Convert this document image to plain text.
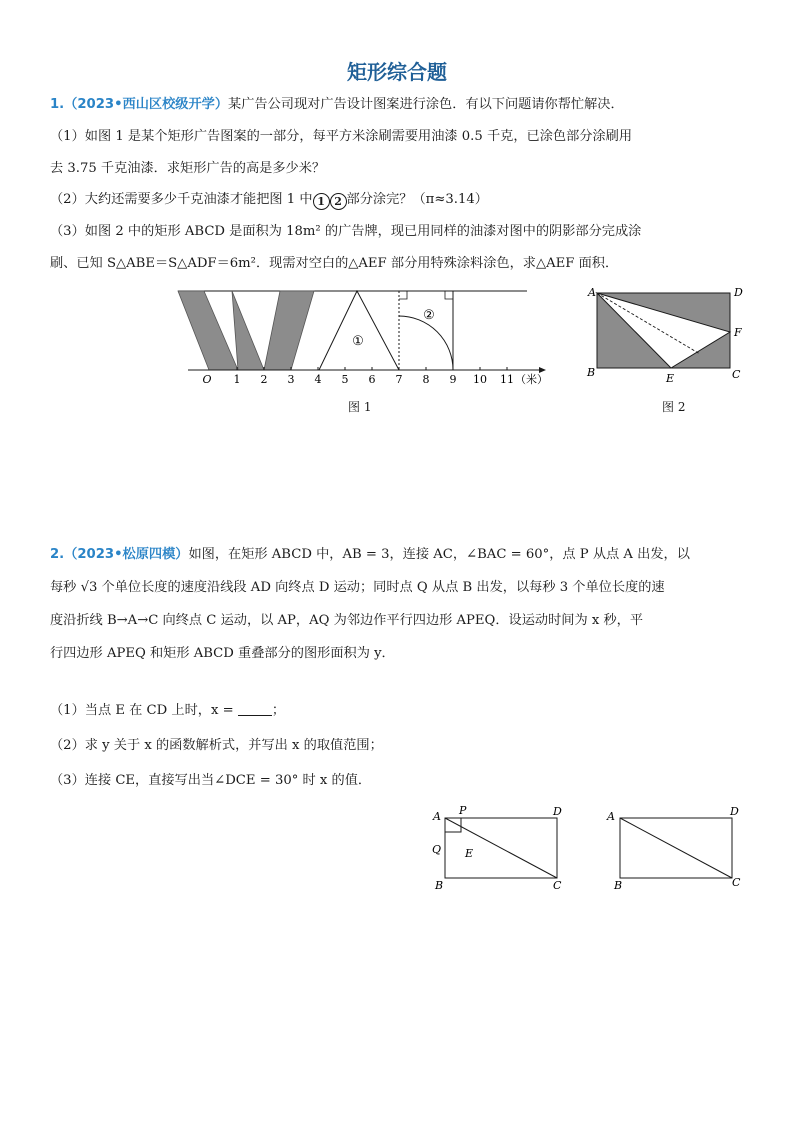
矩形综合题
1.（2023•西山区校级开学）某广告公司现对广告设计图案进行涂色．有以下问题请你帮忙解决．
（1）如图 1 是某个矩形广告图案的一部分，每平方米涂刷需要用油漆 0.5 千克，已涂色部分涂刷用
去 3.75 千克油漆．求矩形广告的高是多少米？
（2）大约还需要多少千克油漆才能把图 1 中 1 2 部分涂完？（π≈3.14）
（3）如图 2 中的矩形 ABCD 是面积为 18m² 的广告牌，现已用同样的油漆对图中的阴影部分完成涂
刷、已知 S△ABE＝S△ADF＝6m²．现需对空白的△AEF 部分用特殊涂料涂色，求△AEF 面积．
O 1 2 3 4 5 6 7 8 9 10 11 （米）
①
②
图 1
A	D
F
B	E	C
图 2
2.（2023•松原四模）如图，在矩形 ABCD 中，AB = 3，连接 AC，∠BAC = 60°，点 P 从点 A 出发，以
每秒 √3 个单位长度的速度沿线段 AD 向终点 D 运动；同时点 Q 从点 B 出发，以每秒 3 个单位长度的速
度沿折线 B→A→C 向终点 C 运动，以 AP，AQ 为邻边作平行四边形 APEQ．设运动时间为 x 秒，平
行四边形 APEQ 和矩形 ABCD 重叠部分的图形面积为 y．
（1）当点 E 在 CD 上时，x =	；
（2）求 y 关于 x 的函数解析式，并写出 x 的取值范围；
（3）连接 CE，直接写出当∠DCE = 30° 时 x 的值．
A P	D
Q E
B	C
A	D
B	C
